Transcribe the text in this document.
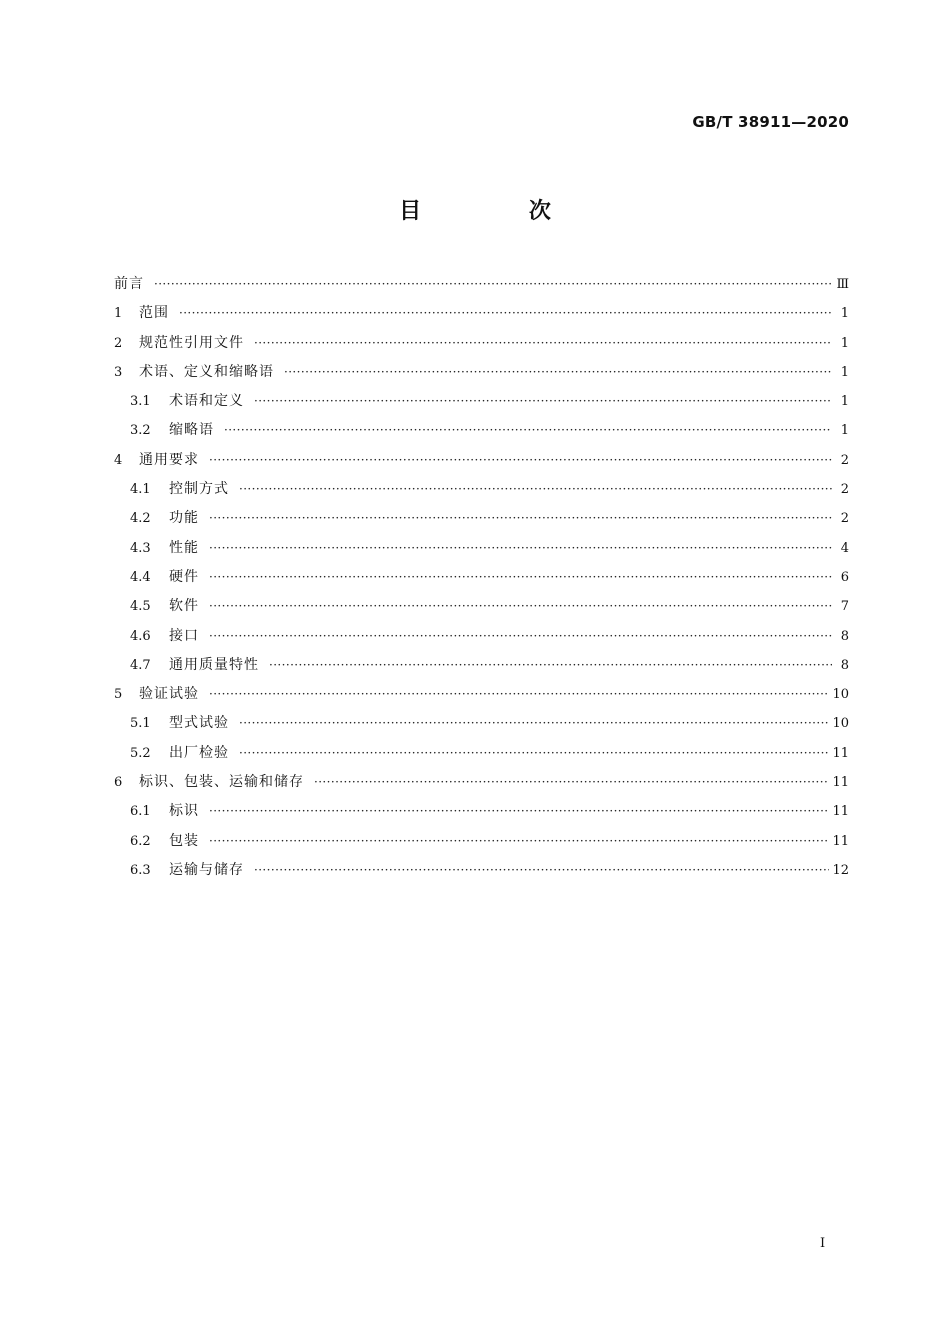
GB/T 38911—2020
目 次
前言 ·····	Ⅲ
1	范围 ·····	1
2	规范性引用文件 ·····	1
3	术语、定义和缩略语 ·····	1
3.1	术语和定义 ·····	1
3.2	缩略语 ·····	1
4	通用要求 ·····	2
4.1	控制方式 ·····	2
4.2	功能 ·····	2
4.3	性能 ·····	4
4.4	硬件 ·····	6
4.5	软件 ·····	7
4.6	接口 ·····	8
4.7	通用质量特性 ·····	8
5	验证试验 ·····	10
5.1	型式试验 ·····	10
5.2	出厂检验 ·····	11
6	标识、包装、运输和储存 ·····	11
6.1	标识 ·····	11
6.2	包装 ·····	11
6.3	运输与储存 ·····	12
I
